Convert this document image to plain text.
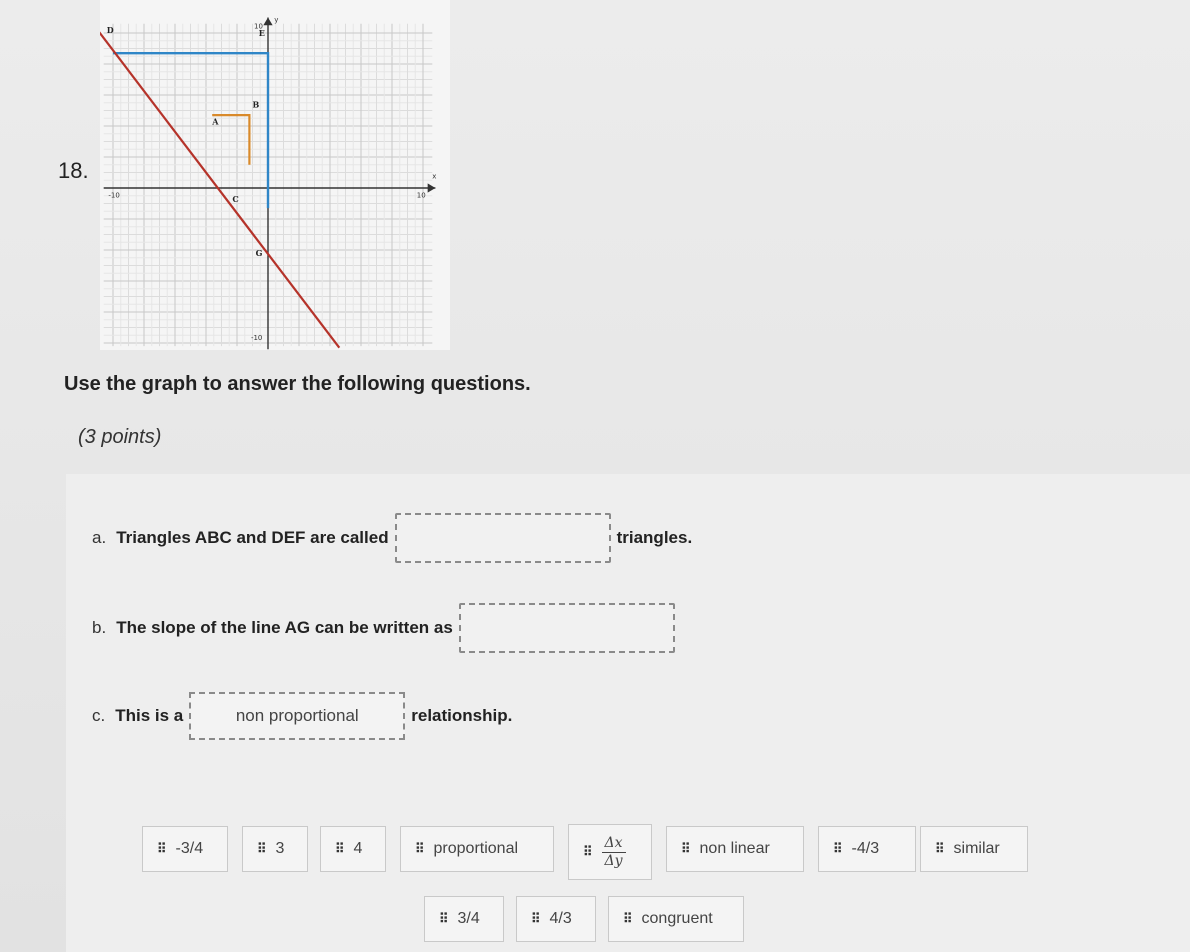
18.
-10	10
10
-10
x
y
D	E
A
B
C
G
Use the graph to answer the following questions.
(3 points)
a. Triangles ABC and DEF are called	triangles.
b. The slope of the line AG can be written as
c. This is a	non proportional	relationship.
⠿ -3/4	⠿ 3	⠿ 4	⠿ proportional	⠿ $\frac{\Delta x}{\Delta y}$	⠿ non linear	⠿ -4/3	⠿ similar
⠿ 3/4	⠿ 4/3	⠿ congruent
